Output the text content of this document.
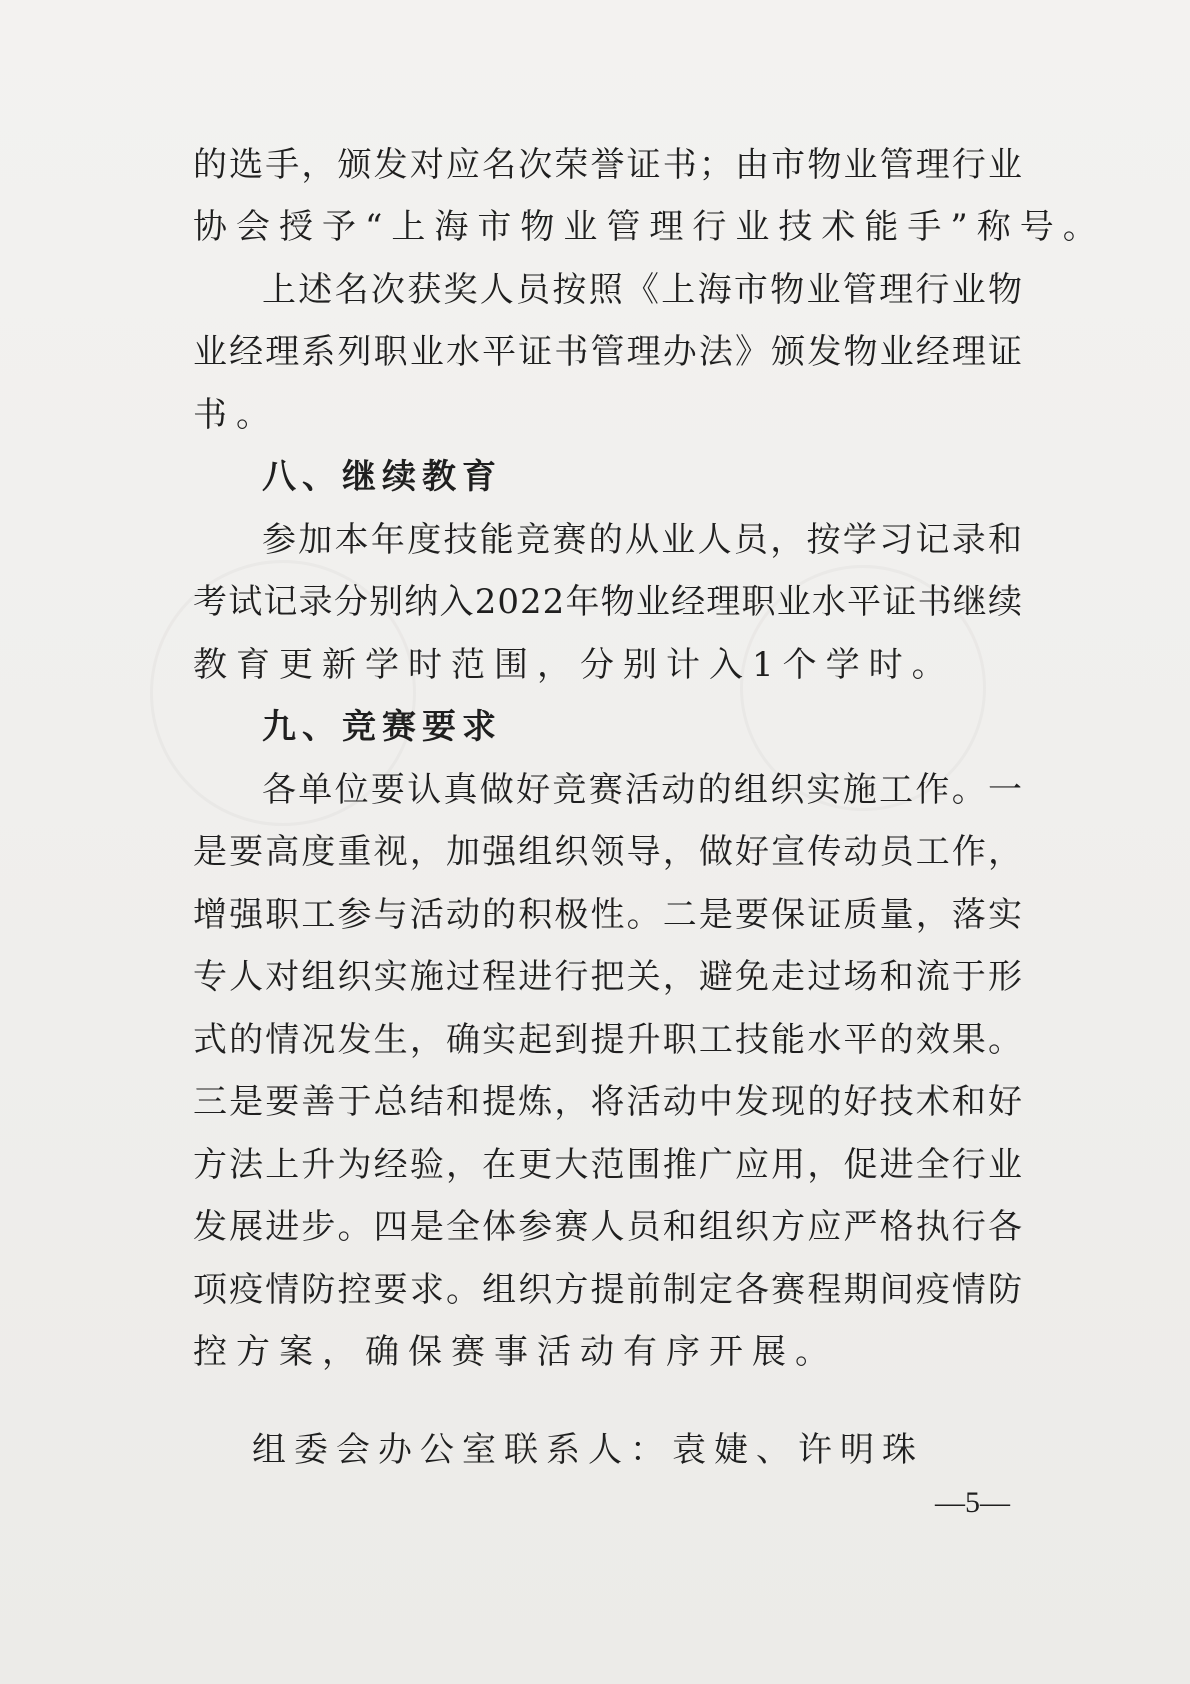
的选手，颁发对应名次荣誉证书；由市物业管理行业
协会授予“上海市物业管理行业技术能手”称号。
上述名次获奖人员按照《上海市物业管理行业物
业经理系列职业水平证书管理办法》颁发物业经理证
书。
八、继续教育
参加本年度技能竞赛的从业人员，按学习记录和
考试记录分别纳入2022年物业经理职业水平证书继续
教育更新学时范围，分别计入1个学时。
九、竞赛要求
各单位要认真做好竞赛活动的组织实施工作。一
是要高度重视，加强组织领导，做好宣传动员工作，
增强职工参与活动的积极性。二是要保证质量，落实
专人对组织实施过程进行把关，避免走过场和流于形
式的情况发生，确实起到提升职工技能水平的效果。
三是要善于总结和提炼，将活动中发现的好技术和好
方法上升为经验，在更大范围推广应用，促进全行业
发展进步。四是全体参赛人员和组织方应严格执行各
项疫情防控要求。组织方提前制定各赛程期间疫情防
控方案，确保赛事活动有序开展。
组委会办公室联系人：袁婕、许明珠
—5—
